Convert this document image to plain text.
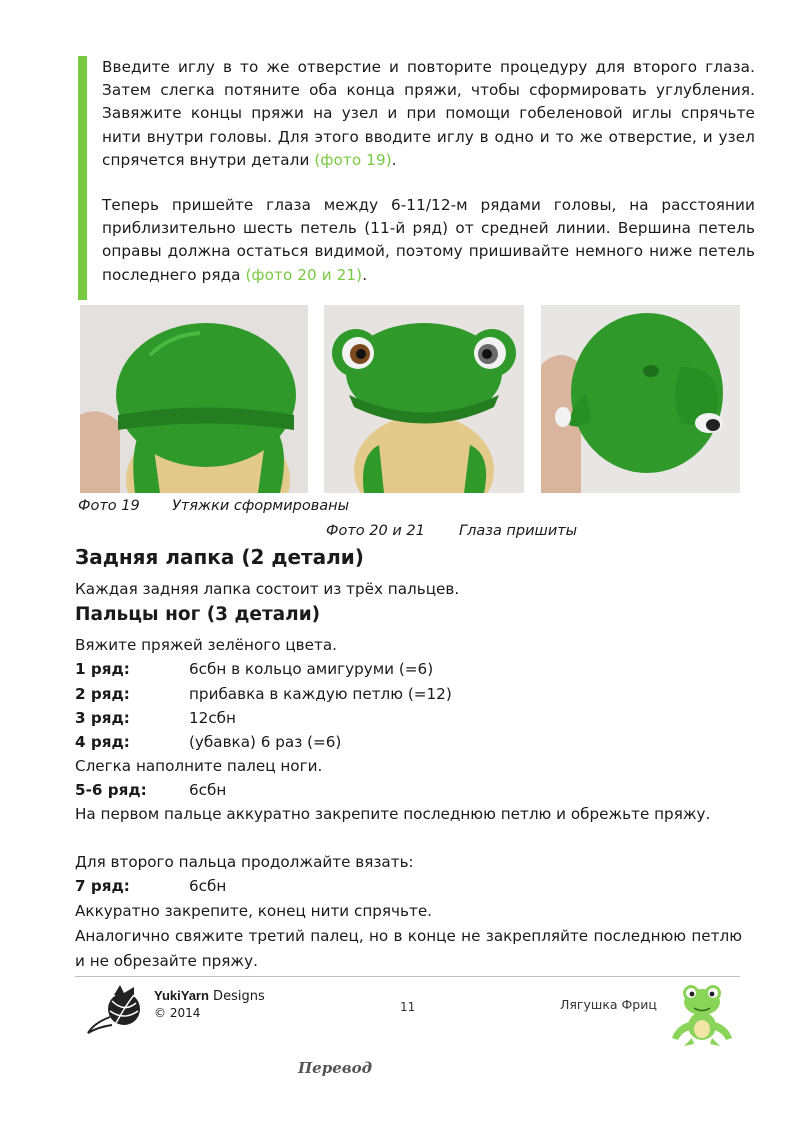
Введите иглу в то же отверстие и повторите процедуру для второго глаза. Затем слегка потяните оба конца пряжи, чтобы сформировать углубления. Завяжите концы пряжи на узел и при помощи гобеленовой иглы спрячьте нити внутри головы. Для этого вводите иглу в одно и то же отверстие, и узел спрячется внутри детали (фото 19).

Теперь пришейте глаза между 6-11/12-м рядами головы, на расстоянии приблизительно шесть петель (11-й ряд) от средней линии. Вершина петель оправы должна остаться видимой, поэтому пришивайте немного ниже петель последнего ряда (фото 20 и 21).

Фото 19 Утяжки сформированы
Фото 20 и 21 Глаза пришиты
Задняя лапка (2 детали)
Каждая задняя лапка состоит из трёх пальцев.
Пальцы ног (3 детали)
Вяжите пряжей зелёного цвета.
1 ряд:	6сбн в кольцо амигуруми (=6)
2 ряд:	прибавка в каждую петлю (=12)
3 ряд:	12сбн
4 ряд:	(убавка) 6 раз (=6)
Слегка наполните палец ноги.
5-6 ряд:	6сбн
На первом пальце аккуратно закрепите последнюю петлю и обрежьте пряжу.
Для второго пальца продолжайте вязать:
7 ряд:	6сбн
Аккуратно закрепите, конец нити спрячьте.
Аналогично свяжите третий палец, но в конце не закрепляйте последнюю петлю и не обрезайте пряжу.
YukiYarn Designs
© 2014	11	Лягушка Фриц
Перевод
